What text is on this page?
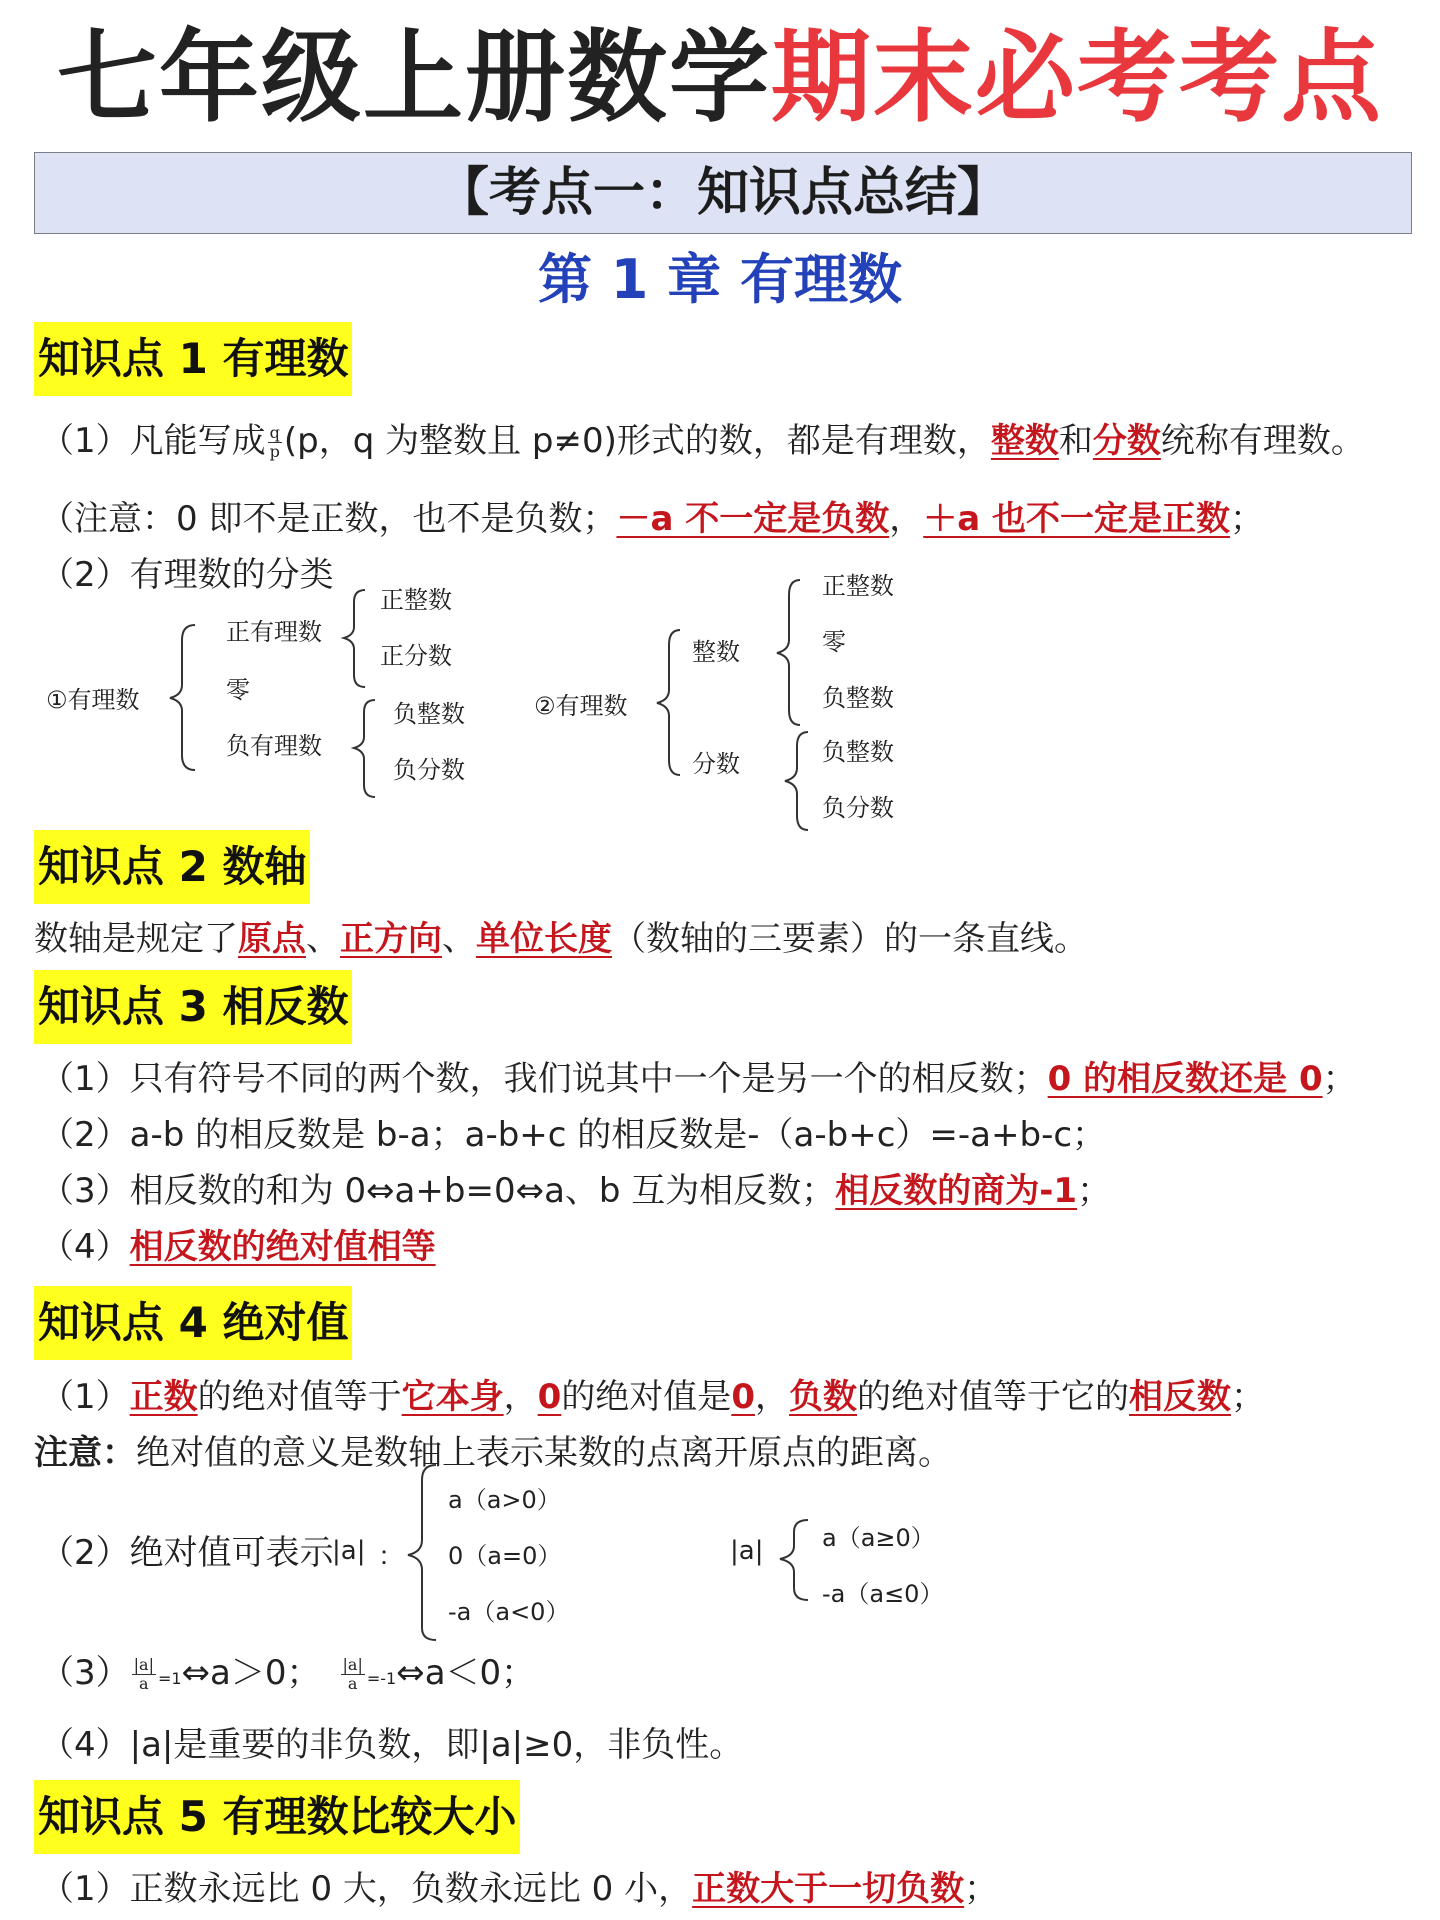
七年级上册数学期末必考考点
【考点一：知识点总结】
第 1 章 有理数
知识点 1 有理数
（1）凡能写成 $\frac{q}{p} (p$，q 为整数且 p≠0)形式的数，都是有理数，整数和分数统称有理数。
（注意：0 即不是正数，也不是负数；－a 不一定是负数，＋a 也不一定是正数；
（2）有理数的分类
①有理数
正有理数
零
负有理数
正整数
正分数
负整数
负分数
②有理数
整数
分数
正整数
零
负整数
负整数
负分数
知识点 2 数轴
数轴是规定了原点、正方向、单位长度（数轴的三要素）的一条直线。
知识点 3 相反数
（1）只有符号不同的两个数，我们说其中一个是另一个的相反数；0 的相反数还是 0；
（2）a-b 的相反数是 b-a；a-b+c 的相反数是-（a-b+c）=-a+b-c；
（3）相反数的和为 0⇔a+b=0⇔a、b 互为相反数；相反数的商为-1；
（4）相反数的绝对值相等
知识点 4 绝对值
（1）正数的绝对值等于它本身，0的绝对值是0，负数的绝对值等于它的相反数；
注意：绝对值的意义是数轴上表示某数的点离开原点的距离。
（2）绝对值可表示
|a| ：
a（a>0）
0（a=0）
-a（a<0）
|a| a（a≥0）
-a（a≤0）
$(3) \frac{|a|}{a}$ =1⇔a＞0； $\frac{|a|}{a}$ =-1⇔a＜0；
（4）|a|是重要的非负数，即|a|≥0，非负性。
知识点 5 有理数比较大小
（1）正数永远比 0 大，负数永远比 0 小，正数大于一切负数；
